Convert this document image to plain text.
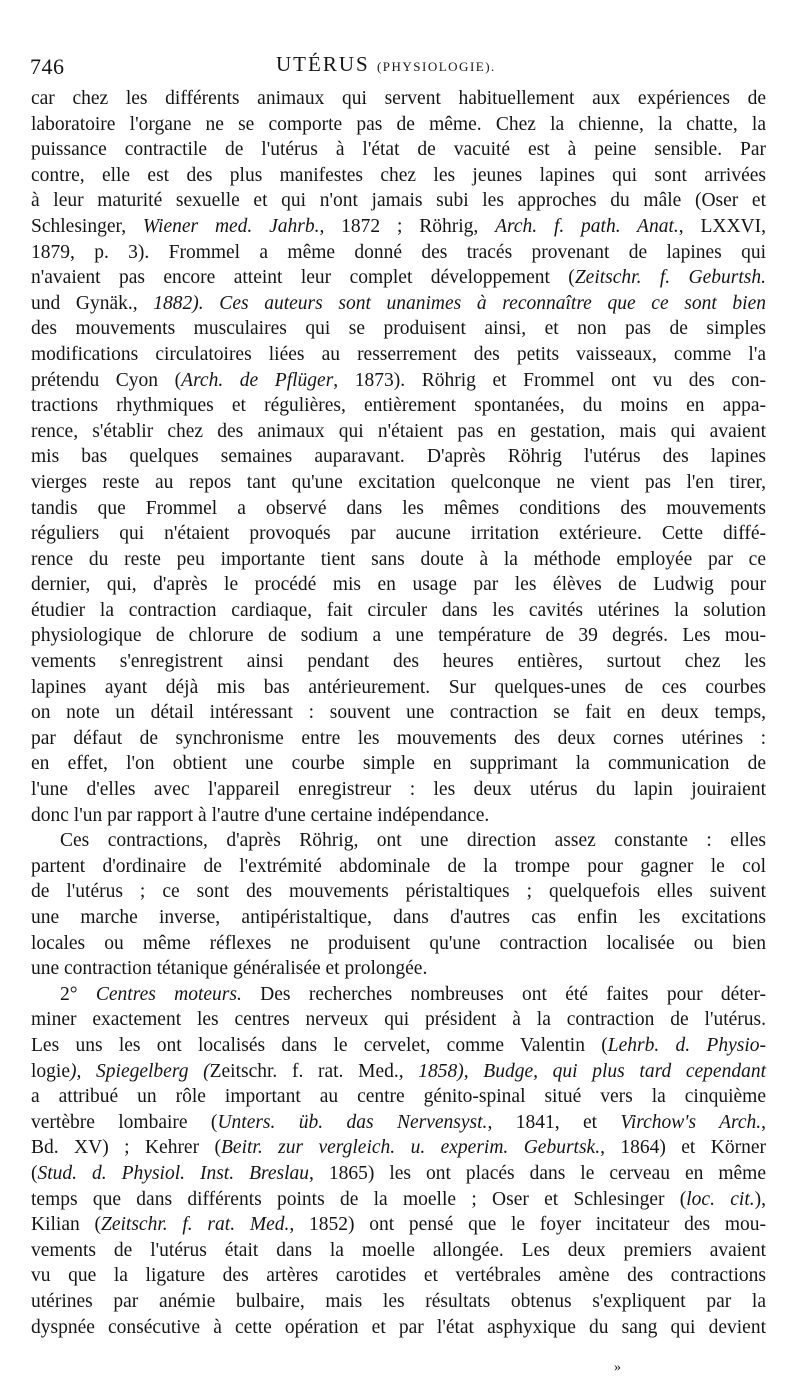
746	UTÉRUS (PHYSIOLOGIE).
car chez les différents animaux qui servent habituellement aux expériences de
laboratoire l'organe ne se comporte pas de même. Chez la chienne, la chatte, la
puissance contractile de l'utérus à l'état de vacuité est à peine sensible. Par
contre, elle est des plus manifestes chez les jeunes lapines qui sont arrivées
à leur maturité sexuelle et qui n'ont jamais subi les approches du mâle (Oser et
Schlesinger, Wiener med. Jahrb., 1872 ; Röhrig, Arch. f. path. Anat., LXXVI,
1879, p. 3). Frommel a même donné des tracés provenant de lapines qui
n'avaient pas encore atteint leur complet développement (Zeitschr. f. Geburtsh.
und Gynäk., 1882). Ces auteurs sont unanimes à reconnaître que ce sont bien
des mouvements musculaires qui se produisent ainsi, et non pas de simples
modifications circulatoires liées au resserrement des petits vaisseaux, comme l'a
prétendu Cyon (Arch. de Pflüger, 1873). Röhrig et Frommel ont vu des con-
tractions rhythmiques et régulières, entièrement spontanées, du moins en appa-
rence, s'établir chez des animaux qui n'étaient pas en gestation, mais qui avaient
mis bas quelques semaines auparavant. D'après Röhrig l'utérus des lapines
vierges reste au repos tant qu'une excitation quelconque ne vient pas l'en tirer,
tandis que Frommel a observé dans les mêmes conditions des mouvements
réguliers qui n'étaient provoqués par aucune irritation extérieure. Cette diffé-
rence du reste peu importante tient sans doute à la méthode employée par ce
dernier, qui, d'après le procédé mis en usage par les élèves de Ludwig pour
étudier la contraction cardiaque, fait circuler dans les cavités utérines la solution
physiologique de chlorure de sodium a une température de 39 degrés. Les mou-
vements s'enregistrent ainsi pendant des heures entières, surtout chez les
lapines ayant déjà mis bas antérieurement. Sur quelques-unes de ces courbes
on note un détail intéressant : souvent une contraction se fait en deux temps,
par défaut de synchronisme entre les mouvements des deux cornes utérines :
en effet, l'on obtient une courbe simple en supprimant la communication de
l'une d'elles avec l'appareil enregistreur : les deux utérus du lapin jouiraient
donc l'un par rapport à l'autre d'une certaine indépendance.
Ces contractions, d'après Röhrig, ont une direction assez constante : elles
partent d'ordinaire de l'extrémité abdominale de la trompe pour gagner le col
de l'utérus ; ce sont des mouvements péristaltiques ; quelquefois elles suivent
une marche inverse, antipéristaltique, dans d'autres cas enfin les excitations
locales ou même réflexes ne produisent qu'une contraction localisée ou bien
une contraction tétanique généralisée et prolongée.
2° Centres moteurs. Des recherches nombreuses ont été faites pour déter-
miner exactement les centres nerveux qui président à la contraction de l'utérus.
Les uns les ont localisés dans le cervelet, comme Valentin (Lehrb. d. Physio-
logie), Spiegelberg (Zeitschr. f. rat. Med., 1858), Budge, qui plus tard cependant
a attribué un rôle important au centre génito-spinal situé vers la cinquième
vertèbre lombaire (Unters. üb. das Nervensyst., 1841, et Virchow's Arch.,
Bd. XV) ; Kehrer (Beitr. zur vergleich. u. experim. Geburtsk., 1864) et Körner
(Stud. d. Physiol. Inst. Breslau, 1865) les ont placés dans le cerveau en même
temps que dans différents points de la moelle ; Oser et Schlesinger (loc. cit.),
Kilian (Zeitschr. f. rat. Med., 1852) ont pensé que le foyer incitateur des mou-
vements de l'utérus était dans la moelle allongée. Les deux premiers avaient
vu que la ligature des artères carotides et vertébrales amène des contractions
utérines par anémie bulbaire, mais les résultats obtenus s'expliquent par la
dyspnée consécutive à cette opération et par l'état asphyxique du sang qui devient
»
